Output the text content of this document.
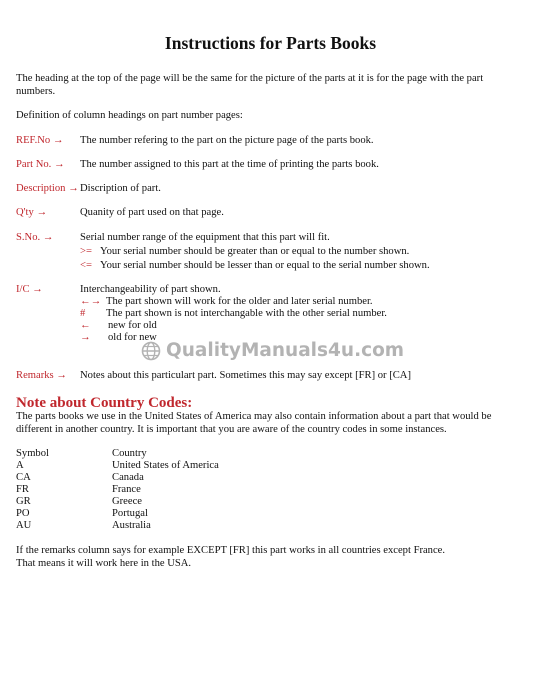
Instructions for Parts Books
The heading at the top of the page will be the same for the picture of the parts at it is for the page with the part numbers.
Definition of column headings on part number pages:
REF.No → The number refering to the part on the picture page of the parts book.
Part No. → The number assigned to this part at the time of printing the parts book.
Description → Discription of part.
Q'ty →	Quanity of part used on that page.
S.No. →	Serial number range of the equipment that this part will fit.
>= Your serial number should be greater than or equal to the number shown.
<= Your serial number should be lesser than or equal to the serial number shown.
I/C →	Interchangeability of part shown.
←→ The part shown will work for the older and later serial number.
# The part shown is not interchangable with the other serial number.
← new for old
→ old for new
QualityManuals4u.com
Remarks → Notes about this particulart part. Sometimes this may say except [FR] or [CA]
Note about Country Codes:
The parts books we use in the United States of America may also contain information about a part that would be different in another country. It is important that you are aware of the country codes in some instances.
Symbol	Country
A	United States of America
CA	Canada
FR	France
GR	Greece
PO	Portugal
AU	Australia
If the remarks column says for example EXCEPT [FR] this part works in all countries except France.
That means it will work here in the USA.
